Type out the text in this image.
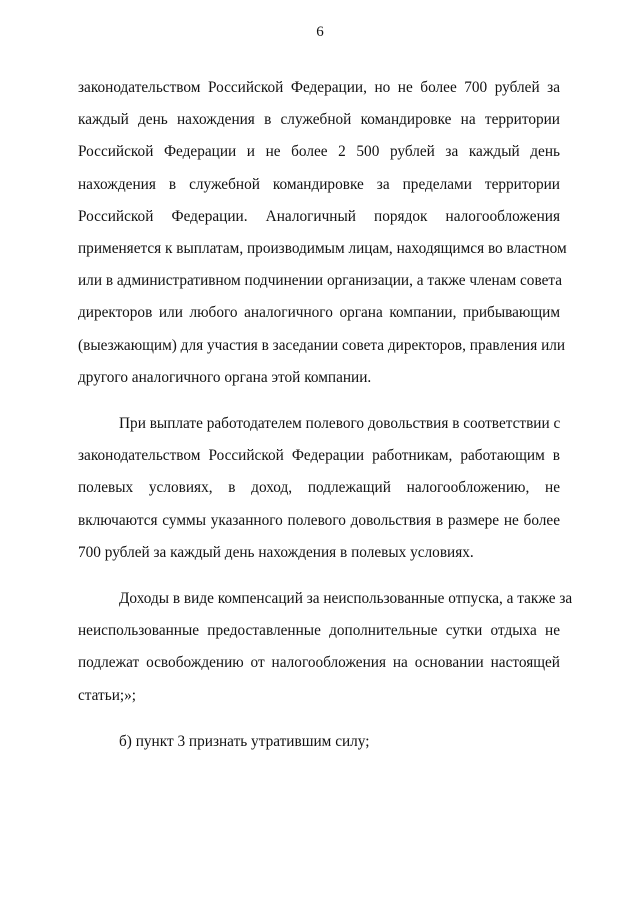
6

законодательством Российской Федерации, но не более 700 рублей за
каждый день нахождения в служебной командировке на территории
Российской Федерации и не более 2 500 рублей за каждый день
нахождения в служебной командировке за пределами территории
Российской Федерации. Аналогичный порядок налогообложения
применяется к выплатам, производимым лицам, находящимся во властном
или в административном подчинении организации, а также членам совета
директоров или любого аналогичного органа компании, прибывающим
(выезжающим) для участия в заседании совета директоров, правления или
другого аналогичного органа этой компании.

При выплате работодателем полевого довольствия в соответствии с
законодательством Российской Федерации работникам, работающим в
полевых условиях, в доход, подлежащий налогообложению, не
включаются суммы указанного полевого довольствия в размере не более
700 рублей за каждый день нахождения в полевых условиях.

Доходы в виде компенсаций за неиспользованные отпуска, а также за
неиспользованные предоставленные дополнительные сутки отдыха не
подлежат освобождению от налогообложения на основании настоящей
статьи;»;

б) пункт 3 признать утратившим силу;
